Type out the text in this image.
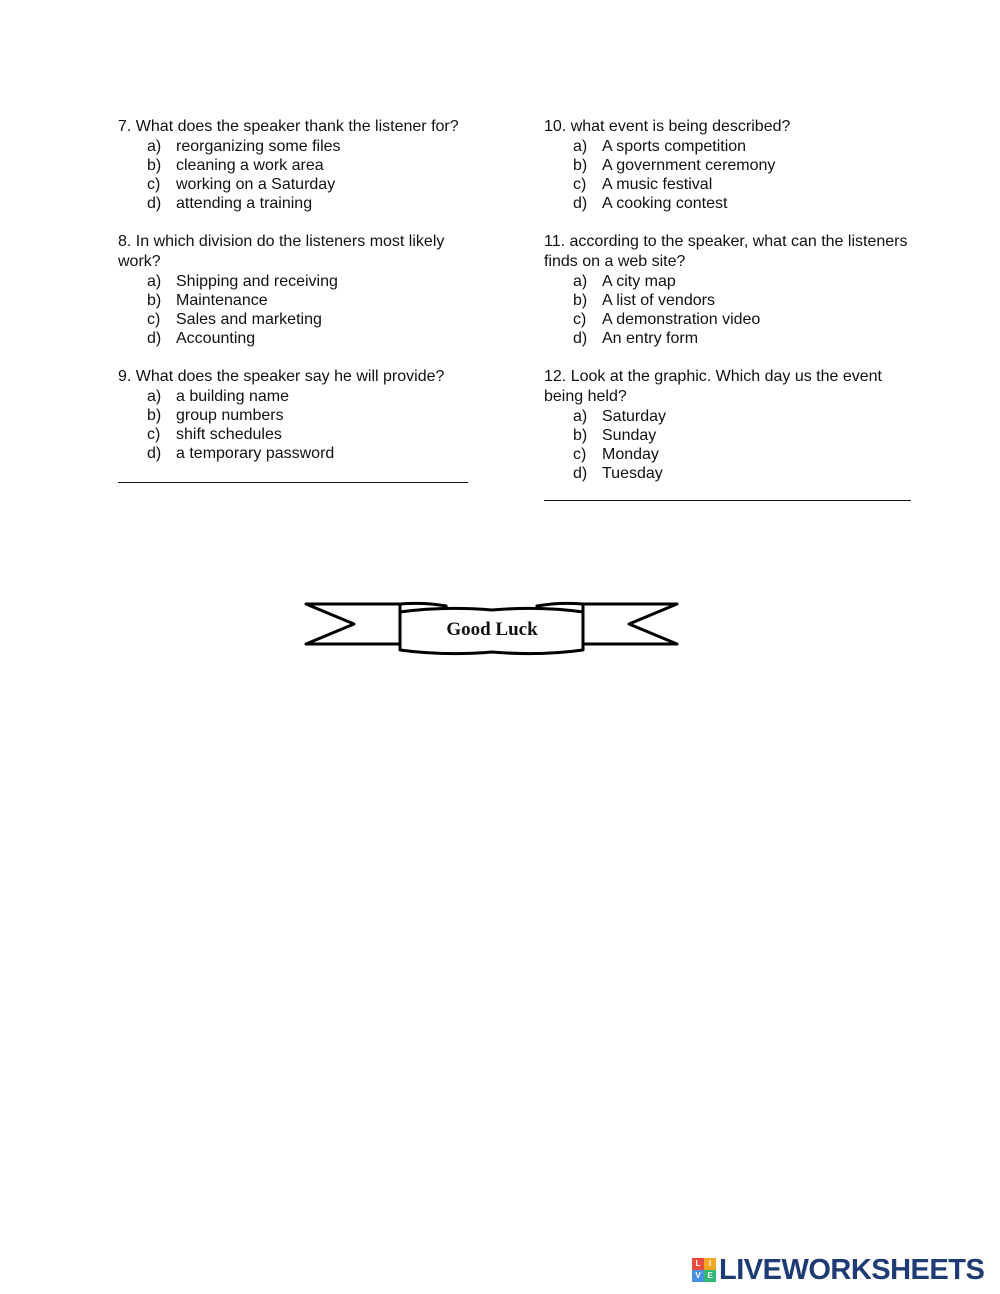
7. What does the speaker thank the listener for?
a) reorganizing some files
b) cleaning a work area
c) working on a Saturday
d) attending a training
8. In which division do the listeners most likely work?
a) Shipping and receiving
b) Maintenance
c) Sales and marketing
d) Accounting
9. What does the speaker say he will provide?
a) a building name
b) group numbers
c) shift schedules
d) a temporary password
10. what event is being described?
a) A sports competition
b) A government ceremony
c) A music festival
d) A cooking contest
11. according to the speaker, what can the listeners finds on a web site?
a) A city map
b) A list of vendors
c) A demonstration video
d) An entry form
12. Look at the graphic. Which day us the event being held?
a) Saturday
b) Sunday
c) Monday
d) Tuesday
Good Luck
L	I
V E LIVEWORKSHEETS
